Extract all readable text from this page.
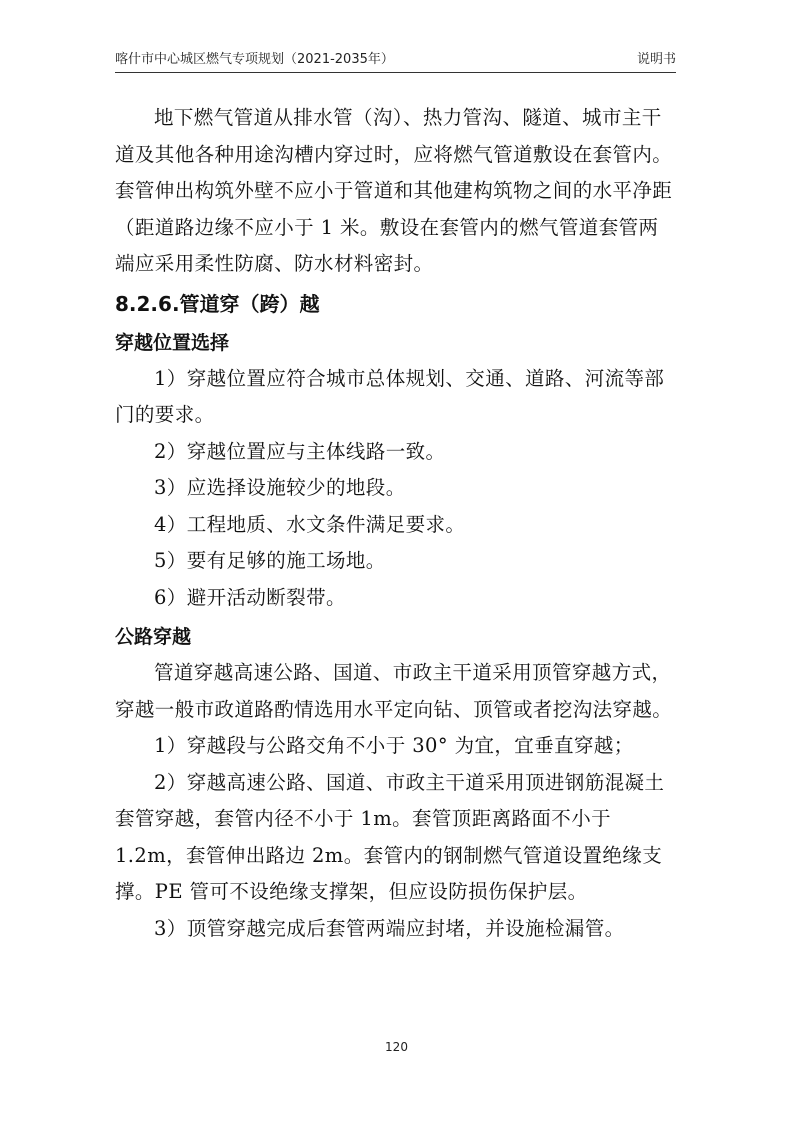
喀什市中心城区燃气专项规划（2021-2035年）	说明书

地下燃气管道从排水管（沟）、热力管沟、隧道、城市主干道及其他各种用途沟槽内穿过时，应将燃气管道敷设在套管内。套管伸出构筑外壁不应小于管道和其他建构筑物之间的水平净距（距道路边缘不应小于 1 米。敷设在套管内的燃气管道套管两端应采用柔性防腐、防水材料密封。

8.2.6.管道穿（跨）越
穿越位置选择

1）穿越位置应符合城市总体规划、交通、道路、河流等部门的要求。

2）穿越位置应与主体线路一致。

3）应选择设施较少的地段。

4）工程地质、水文条件满足要求。

5）要有足够的施工场地。

6）避开活动断裂带。

公路穿越

管道穿越高速公路、国道、市政主干道采用顶管穿越方式，穿越一般市政道路酌情选用水平定向钻、顶管或者挖沟法穿越。

1）穿越段与公路交角不小于 30° 为宜，宜垂直穿越；

2）穿越高速公路、国道、市政主干道采用顶进钢筋混凝土套管穿越，套管内径不小于 1m。套管顶距离路面不小于 1.2m，套管伸出路边 2m。套管内的钢制燃气管道设置绝缘支撑。PE 管可不设绝缘支撑架，但应设防损伤保护层。

3）顶管穿越完成后套管两端应封堵，并设施检漏管。

120
